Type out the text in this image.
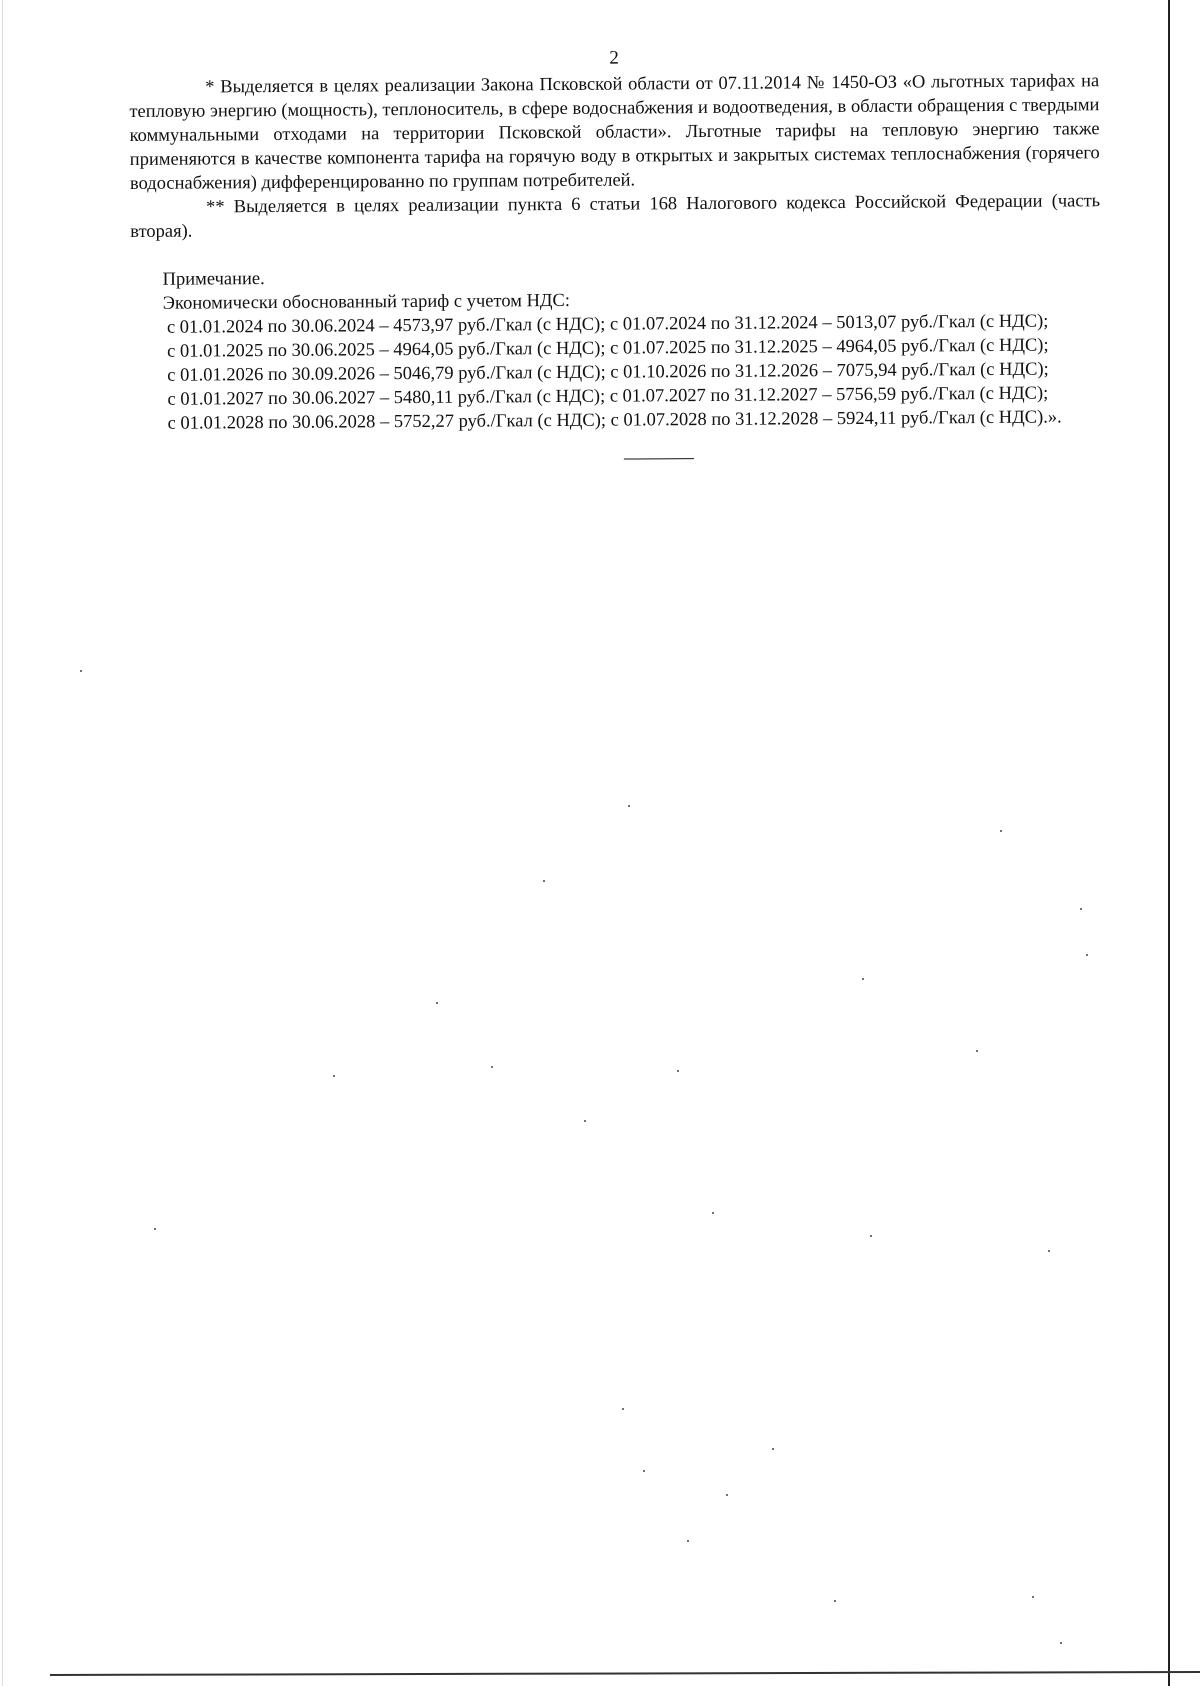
2

* Выделяется в целях реализации Закона Псковской области от 07.11.2014 № 1450-ОЗ «О льготных тарифах на тепловую энергию (мощность), теплоноситель, в сфере водоснабжения и водоотведения, в области обращения с твердыми коммунальными отходами на территории Псковской области». Льготные тарифы на тепловую энергию также применяются в качестве компонента тарифа на горячую воду в открытых и закрытых системах теплоснабжения (горячего водоснабжения) дифференцированно по группам потребителей.

** Выделяется в целях реализации пункта 6 статьи 168 Налогового кодекса Российской Федерации (часть вторая).

Примечание.

Экономически обоснованный тариф с учетом НДС:

с 01.01.2024 по 30.06.2024 – 4573,97 руб./Гкал (с НДС); с 01.07.2024 по 31.12.2024 – 5013,07 руб./Гкал (с НДС);

с 01.01.2025 по 30.06.2025 – 4964,05 руб./Гкал (с НДС); с 01.07.2025 по 31.12.2025 – 4964,05 руб./Гкал (с НДС);

с 01.01.2026 по 30.09.2026 – 5046,79 руб./Гкал (с НДС); с 01.10.2026 по 31.12.2026 – 7075,94 руб./Гкал (с НДС);

с 01.01.2027 по 30.06.2027 – 5480,11 руб./Гкал (с НДС); с 01.07.2027 по 31.12.2027 – 5756,59 руб./Гкал (с НДС);

с 01.01.2028 по 30.06.2028 – 5752,27 руб./Гкал (с НДС); с 01.07.2028 по 31.12.2028 – 5924,11 руб./Гкал (с НДС).».
